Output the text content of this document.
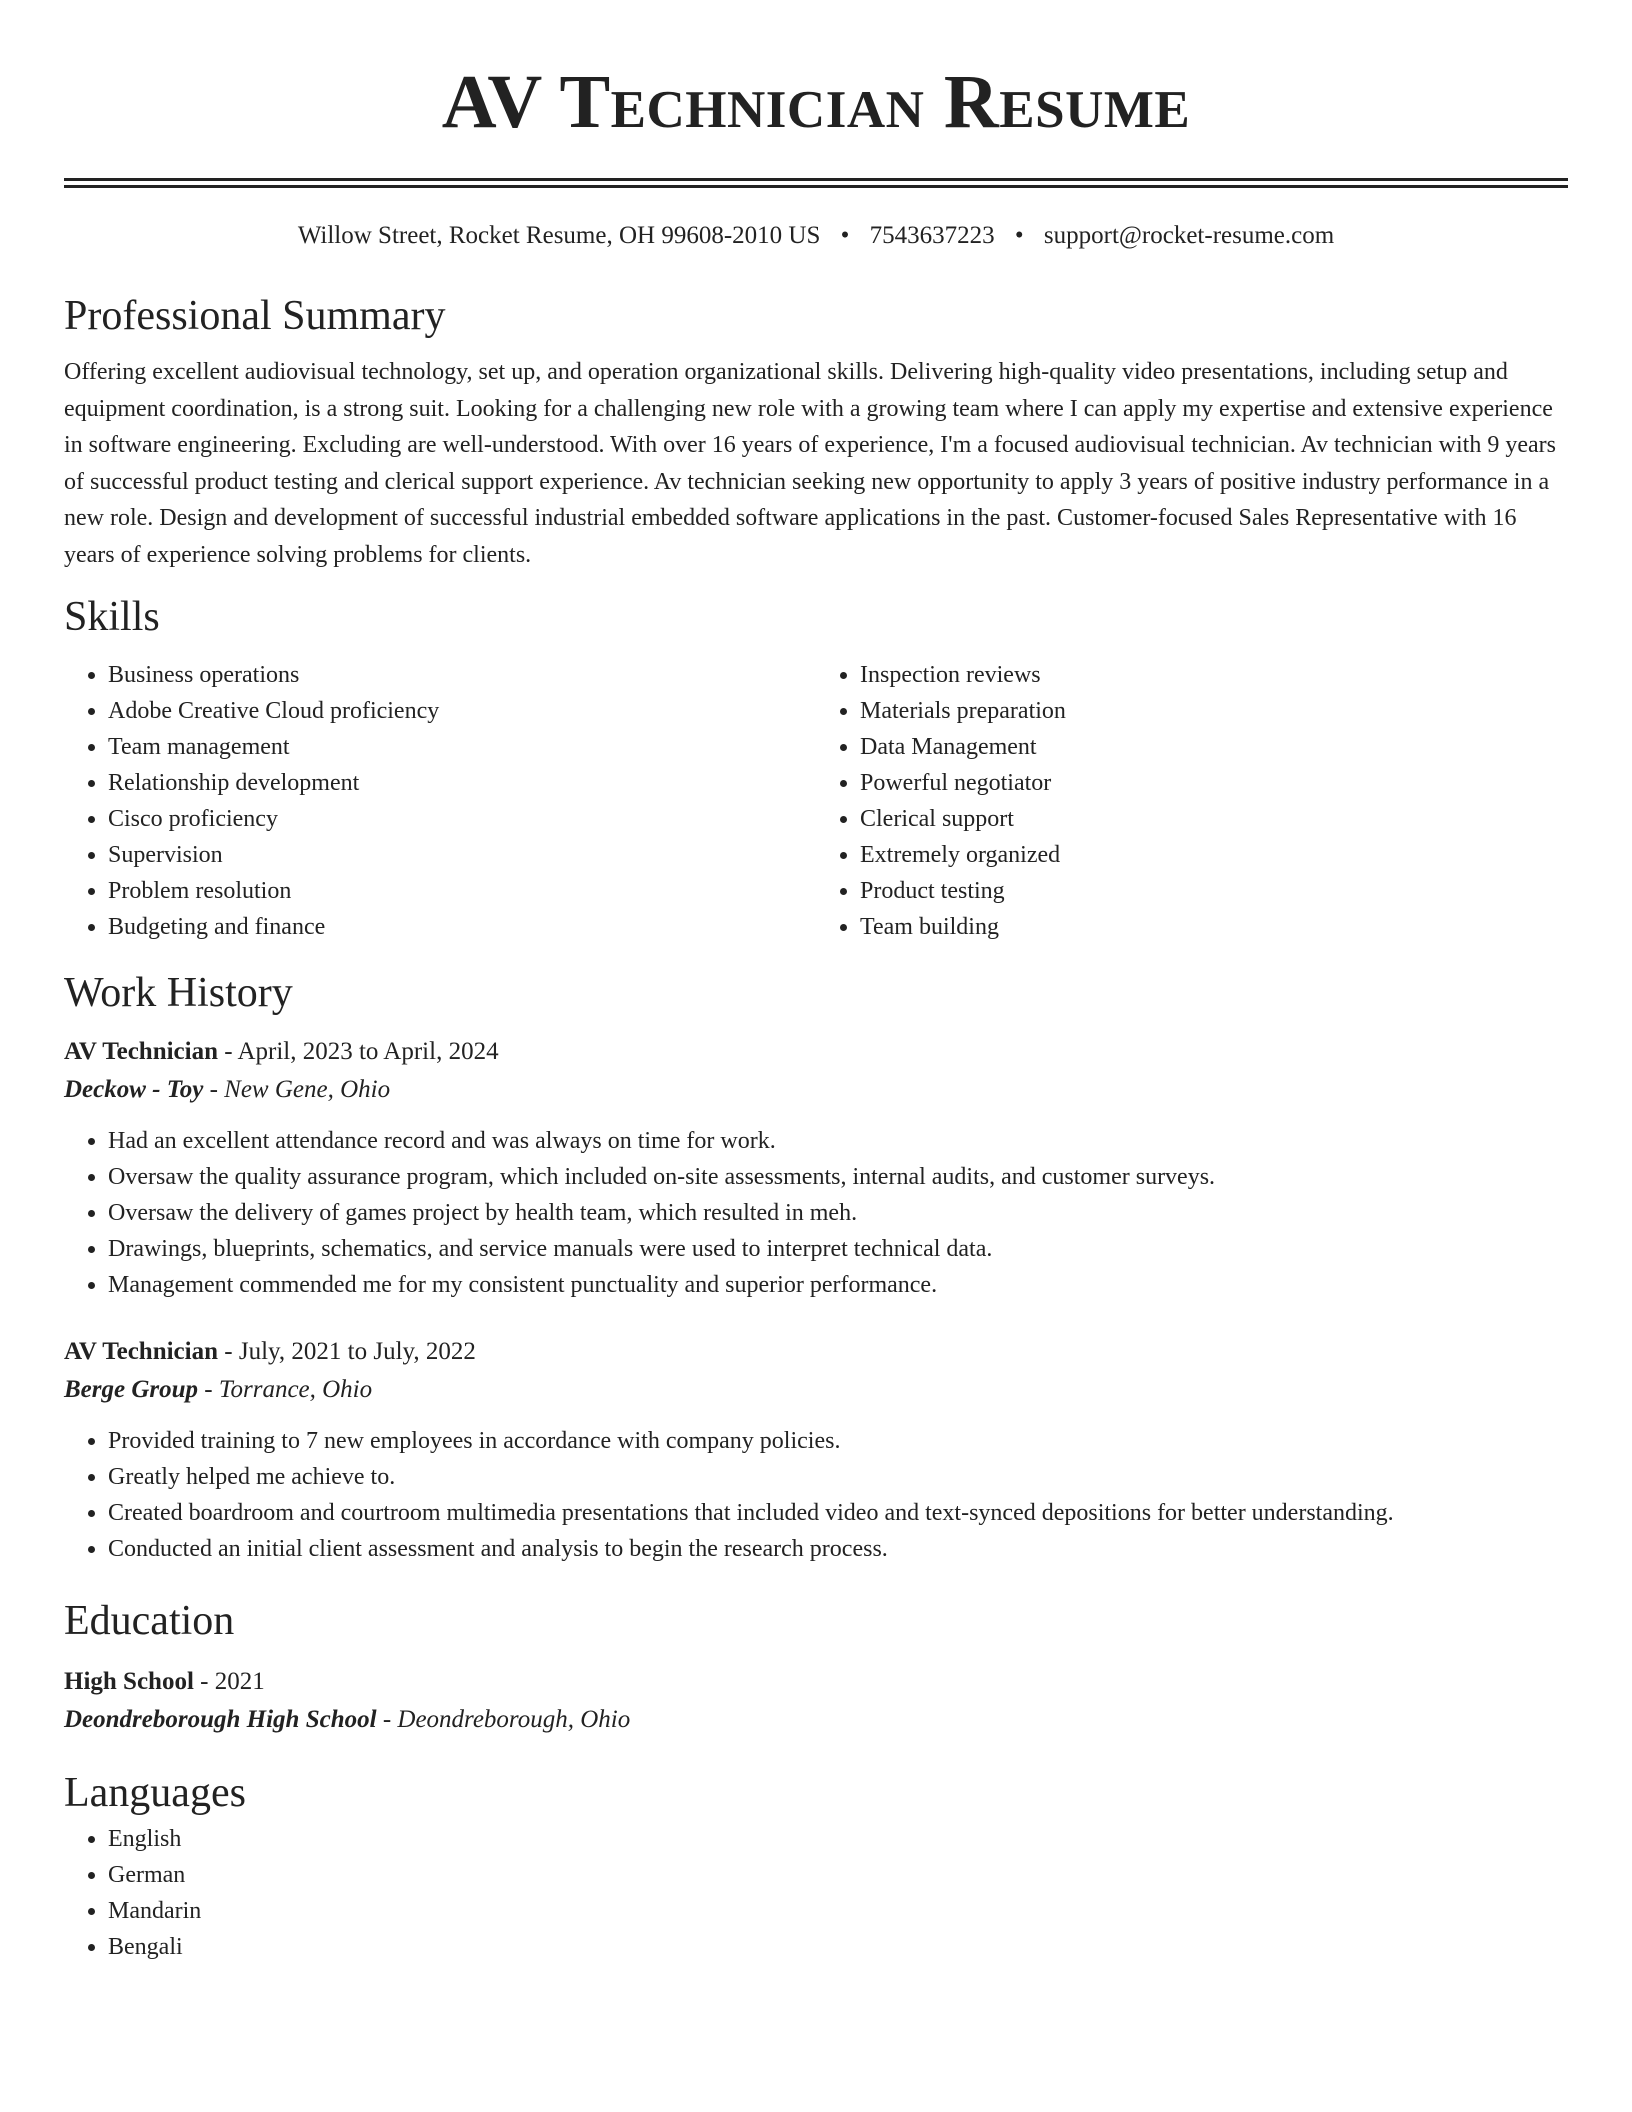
AV Technician Resume
Willow Street, Rocket Resume, OH 99608-2010 US • 7543637223 • support@rocket-resume.com
Professional Summary

Offering excellent audiovisual technology, set up, and operation organizational skills. Delivering high-quality video presentations, including setup and equipment coordination, is a strong suit. Looking for a challenging new role with a growing team where I can apply my expertise and extensive experience in software engineering. Excluding are well-understood. With over 16 years of experience, I'm a focused audiovisual technician. Av technician with 9 years of successful product testing and clerical support experience. Av technician seeking new opportunity to apply 3 years of positive industry performance in a new role. Design and development of successful industrial embedded software applications in the past. Customer-focused Sales Representative with 16 years of experience solving problems for clients.

Skills
• Business operations
• Adobe Creative Cloud proficiency
• Team management
• Relationship development
• Cisco proficiency
• Supervision
• Problem resolution
• Budgeting and finance
• Inspection reviews
• Materials preparation
• Data Management
• Powerful negotiator
• Clerical support
• Extremely organized
• Product testing
• Team building
Work History
AV Technician - April, 2023 to April, 2024
Deckow - Toy - New Gene, Ohio
• Had an excellent attendance record and was always on time for work.
• Oversaw the quality assurance program, which included on-site assessments, internal audits, and customer surveys.
• Oversaw the delivery of games project by health team, which resulted in meh.
• Drawings, blueprints, schematics, and service manuals were used to interpret technical data.
• Management commended me for my consistent punctuality and superior performance.
AV Technician - July, 2021 to July, 2022
Berge Group - Torrance, Ohio
• Provided training to 7 new employees in accordance with company policies.
• Greatly helped me achieve to.
• Created boardroom and courtroom multimedia presentations that included video and text-synced depositions for better understanding.
• Conducted an initial client assessment and analysis to begin the research process.
Education
High School - 2021
Deondreborough High School - Deondreborough, Ohio
Languages
• English
• German
• Mandarin
• Bengali
